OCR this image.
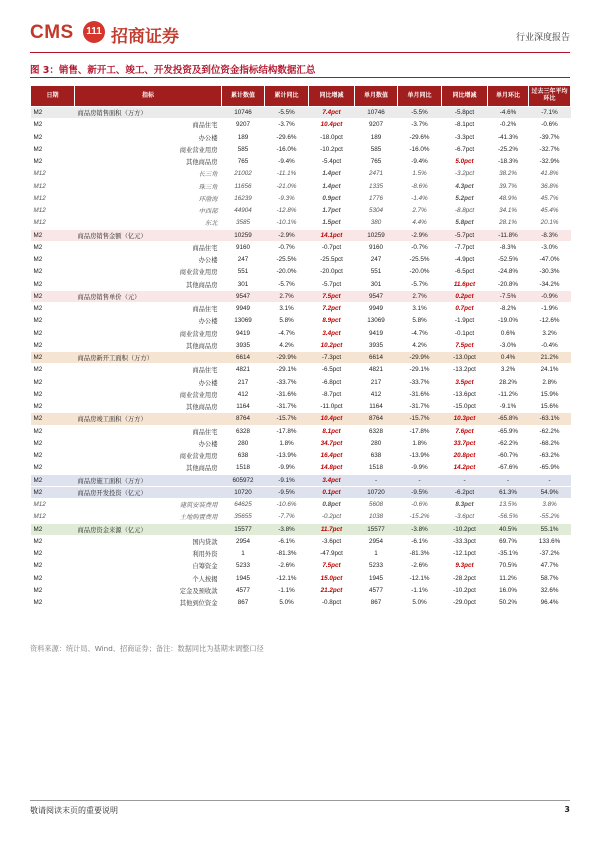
CMS	111 招商证券	行业深度报告
图 3：销售、新开工、竣工、开发投资及到位资金指标结构数据汇总
日期	指标	累计数值	累计同比	同比增减	单月数值	单月同比	同比增减	单月环比	过去三年平均环比
M2	商品房销售面积（万方）	10746	-5.5%	7.4pct	10746	-5.5%	-5.8pct	-4.6%	-7.1%
M2	商品住宅	9207	-3.7%	10.4pct	9207	-3.7%	-8.1pct	-0.2%	-0.6%
M2	办公楼	189	-29.6%	-18.0pct	189	-29.6%	-3.3pct	-41.3%	-39.7%
M2	商业营业用房	585	-16.0%	-10.2pct	585	-16.0%	-6.7pct	-25.2%	-32.7%
M2	其他商品房	765	-9.4%	-5.4pct	765	-9.4%	5.0pct	-18.3%	-32.9%
M12	长三角	21002	-11.1%	1.4pct	2471	1.5%	-3.2pct	38.2%	41.8%
M12	珠三角	11656	-21.0%	1.4pct	1335	-8.6%	4.3pct	39.7%	36.8%
M12	环渤海	16239	-9.3%	0.9pct	1776	-1.4%	5.2pct	48.9%	45.7%
M12	中西部	44904	-12.8%	1.7pct	5304	2.7%	-8.8pct	34.1%	45.4%
M12	东北	3585	-10.1%	1.5pct	380	4.4%	5.8pct	28.1%	20.1%
M2	商品房销售金额（亿元）	10259	-2.9%	14.1pct	10259	-2.9%	-5.7pct	-11.8%	-8.3%
M2	商品住宅	9160	-0.7%	-0.7pct	9160	-0.7%	-7.7pct	-8.3%	-3.0%
M2	办公楼	247	-25.5%	-25.5pct	247	-25.5%	-4.9pct	-52.5%	-47.0%
M2	商业营业用房	551	-20.0%	-20.0pct	551	-20.0%	-6.5pct	-24.8%	-30.3%
M2	其他商品房	301	-5.7%	-5.7pct	301	-5.7%	11.6pct	-20.8%	-34.2%
M2	商品房销售单价（元）	9547	2.7%	7.5pct	9547	2.7%	0.2pct	-7.5%	-0.9%
M2	商品住宅	9949	3.1%	7.2pct	9949	3.1%	0.7pct	-8.2%	-1.9%
M2	办公楼	13069	5.8%	8.9pct	13069	5.8%	-1.9pct	-19.0%	-12.6%
M2	商业营业用房	9419	-4.7%	3.4pct	9419	-4.7%	-0.1pct	0.6%	3.2%
M2	其他商品房	3935	4.2%	10.2pct	3935	4.2%	7.5pct	-3.0%	-0.4%
M2	商品房新开工面积（万方）	6614	-29.9%	-7.3pct	6614	-29.9%	-13.0pct	0.4%	21.2%
M2	商品住宅	4821	-29.1%	-6.5pct	4821	-29.1%	-13.2pct	3.2%	24.1%
M2	办公楼	217	-33.7%	-6.8pct	217	-33.7%	3.5pct	28.2%	2.8%
M2	商业营业用房	412	-31.6%	-8.7pct	412	-31.6%	-13.6pct	-11.2%	15.9%
M2	其他商品房	1164	-31.7%	-11.0pct	1164	-31.7%	-15.0pct	-9.1%	15.6%
M2	商品房竣工面积（万方）	8764	-15.7%	10.4pct	8764	-15.7%	10.3pct	-65.8%	-63.1%
M2	商品住宅	6328	-17.8%	8.1pct	6328	-17.8%	7.6pct	-65.9%	-62.2%
M2	办公楼	280	1.8%	34.7pct	280	1.8%	33.7pct	-62.2%	-68.2%
M2	商业营业用房	638	-13.9%	16.4pct	638	-13.9%	20.8pct	-60.7%	-63.2%
M2	其他商品房	1518	-9.9%	14.8pct	1518	-9.9%	14.2pct	-67.6%	-65.9%
M2	商品房施工面积（万方）	605972	-9.1%	3.4pct	-	-	-	-	-
M2	商品房开发投资（亿元）	10720	-9.5%	0.1pct	10720	-9.5%	-6.2pct	61.3%	54.9%
M12	建筑安装费用	64625	-10.6%	0.8pct	5608	-0.6%	8.3pct	13.5%	3.8%
M12	土地购置费用	35655	-7.7%	-0.2pct	1038	-15.2%	-3.6pct	-56.5%	-55.2%
M2	商品房资金来源（亿元）	15577	-3.8%	11.7pct	15577	-3.8%	-10.2pct	40.5%	55.1%
M2	国内贷款	2954	-6.1%	-3.6pct	2954	-6.1%	-33.3pct	69.7%	133.6%
M2	利用外资	1	-81.3%	-47.9pct	1	-81.3%	-12.1pct	-35.1%	-37.2%
M2	自筹资金	5233	-2.6%	7.5pct	5233	-2.6%	9.3pct	70.5%	47.7%
M2	个人按揭	1945	-12.1%	15.0pct	1945	-12.1%	-28.2pct	11.2%	58.7%
M2	定金及预收款	4577	-1.1%	21.2pct	4577	-1.1%	-10.2pct	16.0%	32.6%
M2	其他到位资金	867	5.0%	-0.8pct	867	5.0%	-29.0pct	50.2%	96.4%
资料来源：统计局、Wind、招商证券；备注：数据同比为基期末调整口径
敬请阅读末页的重要说明	3
